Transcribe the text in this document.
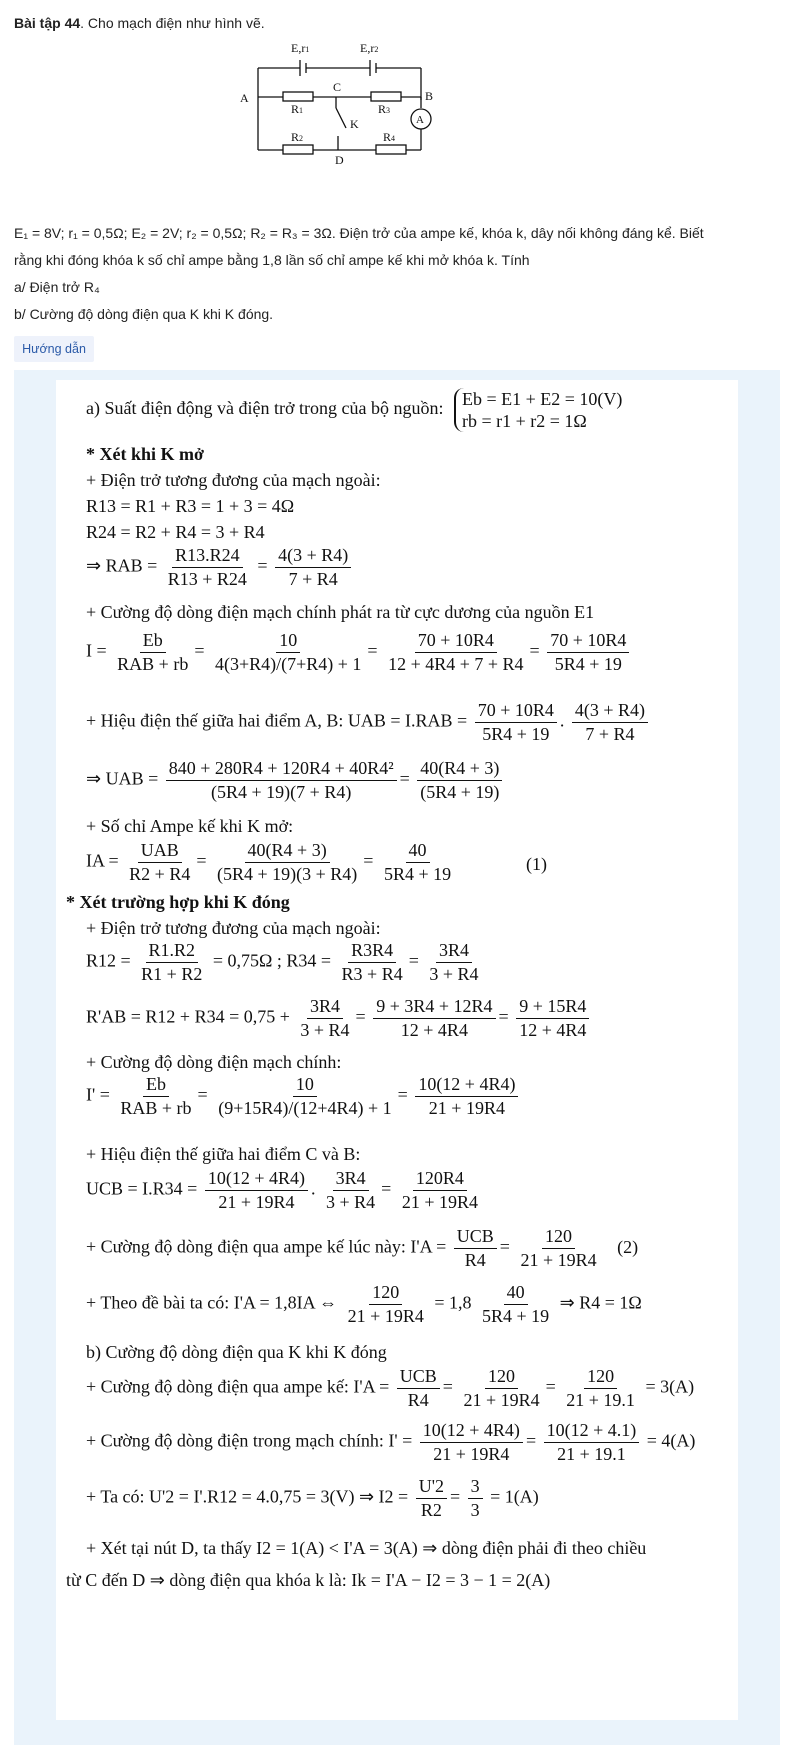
Bài tập 44. Cho mạch điện như hình vẽ.
E,r1	E,r2
A	B
C
D
K	A
R1	R3
R2	R4
E₁ = 8V; r₁ = 0,5Ω; E₂ = 2V; r₂ = 0,5Ω; R₂ = R₃ = 3Ω. Điện trở của ampe kế, khóa k, dây nối không đáng kể. Biết
rằng khi đóng khóa k số chỉ ampe bằng 1,8 lần số chỉ ampe kế khi mở khóa k. Tính
a/ Điện trở R₄
b/ Cường độ dòng điện qua K khi K đóng.
Hướng dẫn
a) Suất điện động và điện trở trong của bộ nguồn: Eb = E1 + E2 = 10(V)
rb = r1 + r2 = 1Ω
* Xét khi K mở
+ Điện trở tương đương của mạch ngoài:
R13 = R1 + R3 = 1 + 3 = 4Ω
R24 = R2 + R4 = 3 + R4
⇒ RAB = $\frac{R13.R24}{R13 + R24} = \frac{4(3 + R4)}{7 + R4}$
+ Cường độ dòng điện mạch chính phát ra từ cực dương của nguồn E1
$I = \frac{Eb}{\text{RAB + rb}} = \frac{10}{4(3+R4)/(7+R4) + 1} = \frac{70 + 10R4}{12 + 4R4 + 7 + R4} = \frac{70 + 10R4}{5R4 + 19}$
+ Hiệu điện thế giữa hai điểm A, B: UAB = $I.RAB = \frac{70 + 10R4}{5R4 + 19}$ . $\frac{4(3 + R4)}{7 + R4}$
⇒ UAB = $\frac{\text{840 + 280R4 + 120R4 + 40R4²}}{(5R4 + 19)(7 + R4)} = \frac{40(R4 + 3)}{(5R4 + 19)}$
+ Số chỉ Ampe kế khi K mở:
IA = $\frac{\text{UAB}}{R2 + R4} = \frac{40(R4 + 3)}{(5R4 + 19)(3 + R4)} = \frac{40}{5R4 + 19}$	(1)
* Xét trường hợp khi K đóng
+ Điện trở tương đương của mạch ngoài:
$R12 = \frac{R1.R2}{R1 + R2} = 0,75\Omega$ ; $R34 = \frac{R3R4}{R3 + R4} = \frac{3R4}{3 + R4}$
$R'AB = R12 + R34 = 0,75 + \frac{3R4}{3 + R4} = \frac{9 + 3R4 + 12R4}{12 + 4R4} = \frac{9 + 15R4}{12 + 4R4}$
+ Cường độ dòng điện mạch chính:
$I' = \frac{Eb}{\text{RAB + rb}} = \frac{10}{(9+15R4)/(12+4R4) + 1} = \frac{10(12 + 4R4)}{21 + 19R4}$
+ Hiệu điện thế giữa hai điểm C và B:
UCB = $I.R34 = \frac{10(12 + 4R4)}{21 + 19R4}$ . $\frac{3R4}{3 + R4} = \frac{120R4}{21 + 19R4}$
+ Cường độ dòng điện qua ampe kế lúc này: $I'A = \frac{\text{UCB}}{R4} = \frac{120}{21 + 19R4} (2)$
+ Theo đề bài ta có: I'A = 1,8IA ⇔ $\frac{120}{21 + 19R4} = 1,8 \frac{40}{5R4 + 19}$ ⇒ R4 = 1Ω
b) Cường độ dòng điện qua K khi K đóng
+ Cường độ dòng điện qua ampe kế: $I'A = \frac{\text{UCB}}{R4} = \frac{120}{21 + 19R4} = \frac{120}{21 + 19.1} = 3(A)$
+ Cường độ dòng điện trong mạch chính: $I' = \frac{10(12 + 4R4)}{21 + 19R4} = \frac{10(12 + 4.1)}{21 + 19.1} = 4(A)$
+ Ta có: U'2 = I'.R12 = 4.0,75 = 3(V) ⇒ $I2 = \frac{U'2}{R2} = \frac{3}{3} = 1(A)$
+ Xét tại nút D, ta thấy I2 = 1(A) < I'A = 3(A) ⇒ dòng điện phải đi theo chiều
từ C đến D ⇒ dòng điện qua khóa k là: Ik = I'A − I2 = 3 − 1 = 2(A)
